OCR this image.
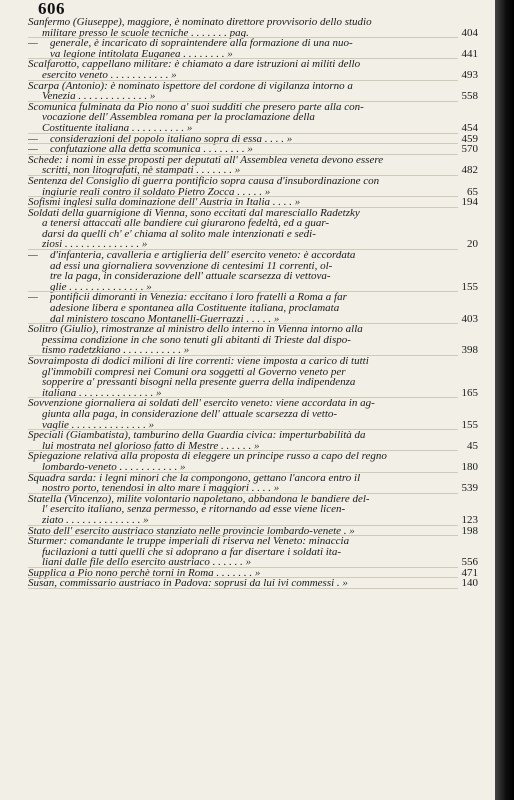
606
Sanfermo (Giuseppe), maggiore, è nominato direttore provvisorio dello studio
militare presso le scuole tecniche . . . . . . . pag.	404
— generale, è incaricato di sopraintendere alla formazione di una nuo-
va legione intitolata Euganea . . . . . . . . »	441
Scalfarotto, cappellano militare: è chiamato a dare istruzioni ai militi dello
esercito veneto . . . . . . . . . . . »	493
Scarpa (Antonio): è nominato ispettore del cordone di vigilanza intorno a
Venezia . . . . . . . . . . . . . »	558
Scomunica fulminata da Pio nono a' suoi sudditi che presero parte alla con-
vocazione dell' Assemblea romana per la proclamazione della
Costituente italiana . . . . . . . . . . »	454
— considerazioni del popolo italiano sopra di essa . . . . »	459
— confutazione alla detta scomunica . . . . . . . . »	570
Schede: i nomi in esse proposti per deputati all' Assemblea veneta devono essere
scritti, non litografati, nè stampati . . . . . . . »	482
Sentenza del Consiglio di guerra pontificio sopra causa d'insubordinazione con
ingiurie reali contro il soldato Pietro Zocca . . . . . »	65
Sofismi inglesi sulla dominazione dell' Austria in Italia . . . . »	194
Soldati della guarnigione di Vienna, sono eccitati dal maresciallo Radetzky
a tenersi attaccati alle bandiere cui giurarono fedeltà, ed a guar-
darsi da quelli ch' e' chiama al solito male intenzionati e sedi-
ziosi . . . . . . . . . . . . . . »	20
— d'infanteria, cavalleria e artiglieria dell' esercito veneto: è accordata
ad essi una giornaliera sovvenzione di centesimi 11 correnti, ol-
tre la paga, in considerazione dell' attuale scarsezza di vettova-
glie . . . . . . . . . . . . . . »	155
— pontificii dimoranti in Venezia: eccitano i loro fratelli a Roma a far
adesione libera e spontanea alla Costituente italiana, proclamata
dal ministero toscano Montanelli-Guerrazzi . . . . . »	403
Solitro (Giulio), rimostranze al ministro dello interno in Vienna intorno alla
pessima condizione in che sono tenuti gli abitanti di Trieste dal dispo-
tismo radetzkiano . . . . . . . . . . . »	398
Sovraimposta di dodici milioni di lire correnti: viene imposta a carico di tutti
gl'immobili compresi nei Comuni ora soggetti al Governo veneto per
sopperire a' pressanti bisogni nella presente guerra della indipendenza
italiana . . . . . . . . . . . . . . »	165
Sovvenzione giornaliera ai soldati dell' esercito veneto: viene accordata in ag-
giunta alla paga, in considerazione dell' attuale scarsezza di vetto-
vaglie . . . . . . . . . . . . . . »	155
Speciali (Giambatista), tamburino della Guardia civica: imperturbabilità da
lui mostrata nel glorioso fatto di Mestre . . . . . . »	45
Spiegazione relativa alla proposta di eleggere un principe russo a capo del regno
lombardo-veneto . . . . . . . . . . . »	180
Squadra sarda: i legni minori che la compongono, gettano l'ancora entro il
nostro porto, tenendosi in alto mare i maggiori . . . . »	539
Statella (Vincenzo), milite volontario napoletano, abbandona le bandiere del-
l' esercito italiano, senza permesso, e ritornando ad esse viene licen-
ziato . . . . . . . . . . . . . . »	123
Stato dell' esercito austriaco stanziato nelle provincie lombardo-venete . »	198
Sturmer: comandante le truppe imperiali di riserva nel Veneto: minaccia
fucilazioni a tutti quelli che si adoprano a far disertare i soldati ita-
liani dalle file dello esercito austriaco . . . . . . »	556
Supplica a Pio nono perchè torni in Roma . . . . . . . »	471
Susan, commissario austriaco in Padova: soprusi da lui ivi commessi . »	140
